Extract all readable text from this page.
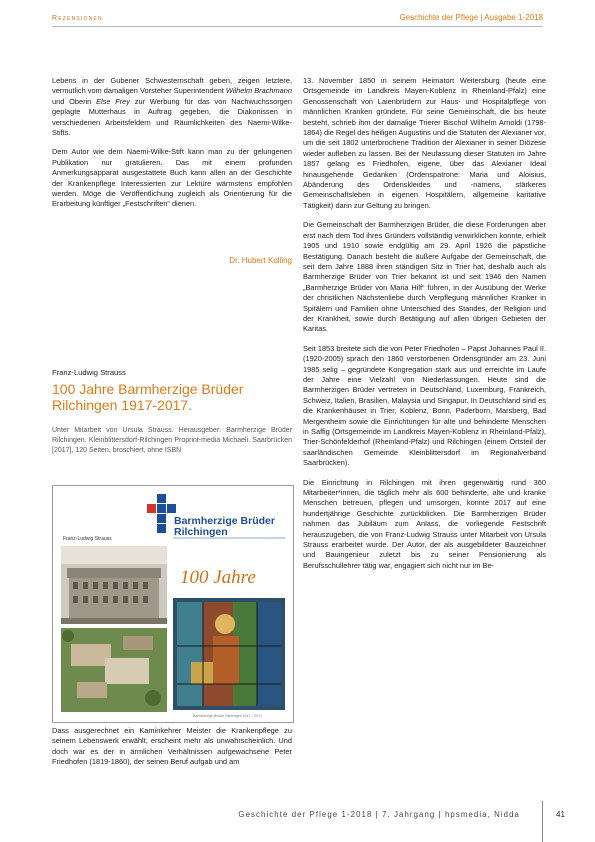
Rezensionen	Geschichte der Pflege | Ausgabe 1-2018

Lebens in der Gubener Schwesternschaft geben, zeigen letztere, vermutlich vom damaligen Vorsteher Superintendent Wilhelm Brachmann und Oberin Else Frey zur Werbung für das von Nachwuchssorgen geplagte Mutterhaus in Auftrag gegeben, die Diakonissen in verschiedenen Arbeitsfeldern und Räumlichkeiten des Naemi-Wilke-Stifts.

Dem Autor wie dem Naemi-Wilke-Stift kann man zu der gelungenen Publikation nur gratulieren. Das mit einem profunden Anmerkungsapparat ausgestattete Buch kann allen an der Geschichte der Krankenpflege Interessierten zur Lektüre wärmstens empfohlen werden. Möge die Veröffentlichung zugleich als Orientierung für die Erarbeitung künftiger „Festschriften“ dienen.

Dr. Hubert Kolling
Franz-Ludwig Strauss
100 Jahre Barmherzige Brüder Rilchingen 1917-2017.
Unter Mitarbeit von Ursula Strauss. Herausgeber: Barmherzige Brüder Rilchingen. Kleinblittersdorf-Rilchingen Proprint-media Michaeli. Saarbrücken [2017], 120 Seiten, broschiert, ohne ISBN
Franz-Ludwig Strauss
Barmherzige Brüder
Rilchingen
100 Jahre
Barmherzige Brüder Rilchingen 1917 – 2017
Dass ausgerechnet ein Kaminkehrer Meister die Krankenpflege zu seinem Lebenswerk erwählt, erscheint mehr als unwahrscheinlich. Und doch war es der in ärmlichen Verhältnissen aufgewachsene Peter Friedhofen (1819-1860), der seinen Beruf aufgab und am

13. November 1850 in seinem Heimatort Weitersburg (heute eine Ortsgemeinde im Landkreis Mayen-Koblenz in Rheinland-Pfalz) eine Genossenschaft von Laienbrüdern zur Haus- und Hospitalpflege von männlichen Kranken gründete. Für seine Gemeinschaft, die bis heute besteht, schrieb ihm der damalige Trierer Bischof Wilhelm Arnoldi (1798-1864) die Regel des heiligen Augustins und die Statuten der Alexianer vor, um die seit 1802 unterbrochene Tradition der Alexianer in seiner Diözese wieder aufleben zu lassen. Bei der Neufassung dieser Statuten im Jahre 1857 gelang es Friedhofen, eigene, über das Alexianer Ideal hinausgehende Gedanken (Ordenspatrone: Maria und Aloisius, Abänderung des Ordenskleides und -namens, stärkeres Gemeinschaftsleben in eigenen Hospitälern, allgemeine karitative Tätigkeit) darin zur Geltung zu bringen.

Die Gemeinschaft der Barmherzigen Brüder, die diese Forderungen aber erst nach dem Tod ihres Gründers vollständig verwirklichen konnte, erhielt 1905 und 1910 sowie endgültig am 29. April 1926 die päpstliche Bestätigung. Danach besteht die äußere Aufgabe der Gemeinschaft, die seit dem Jahre 1888 ihren ständigen Sitz in Trier hat, deshalb auch als Barmherzige Brüder von Trier bekannt ist und seit 1946 den Namen „Barmherzige Brüder von Maria Hilf“ führen, in der Ausübung der Werke der christlichen Nächstenliebe durch Verpflegung männlicher Kranker in Spitälern und Familien ohne Unterschied des Standes, der Religion und der Krankheit, sowie durch Betätigung auf allen übrigen Gebieten der Karitas.

Seit 1853 breitete sich die von Peter Friedhofen – Papst Johannes Paul II. (1920-2005) sprach den 1860 verstorbenen Ordensgründer am 23. Juni 1985 selig – gegründete Kongregation stark aus und erreichte im Laufe der Jahre eine Vielzahl von Niederlassungen. Heute sind die Barmherzigen Brüder vertreten in Deutschland, Luxemburg, Frankreich, Schweiz, Italien, Brasilien, Malaysia und Singapur. In Deutschland sind es die Krankenhäuser in Trier, Koblenz, Bonn, Paderborn, Marsberg, Bad Mergentheim sowie die Einrichtungen für alte und behinderte Menschen in Saffig (Ortsgemeinde im Landkreis Mayen-Koblenz in Rheinland-Pfalz), Trier-Schönfelderhof (Rheinland-Pfalz) und Rilchingen (einem Ortsteil der saarländischen Gemeinde Kleinblittersdorf im Regionalverband Saarbrücken).

Die Einrichtung in Rilchingen mit ihren gegenwärtig rund 360 Mitarbeiter*innen, die täglich mehr als 600 behinderte, alte und kranke Menschen betreuen, pflegen und umsorgen, konnte 2017 auf eine hundertjährige Geschichte zurückblicken. Die Barmherzigen Brüder nahmen das Jubiläum zum Anlass, die vorliegende Festschrift herauszugeben, die von Franz-Ludwig Strauss unter Mitarbeit von Ursula Strauss erarbeitet wurde. Der Autor, der als ausgebildeter Bauzeichner und Bauingenieur zuletzt bis zu seiner Pensionierung als Berufsschullehrer tätig war, engagiert sich nicht nur im Be-

Geschichte der Pflege 1-2018 | 7. Jahrgang | hpsmedia, Nidda	41
